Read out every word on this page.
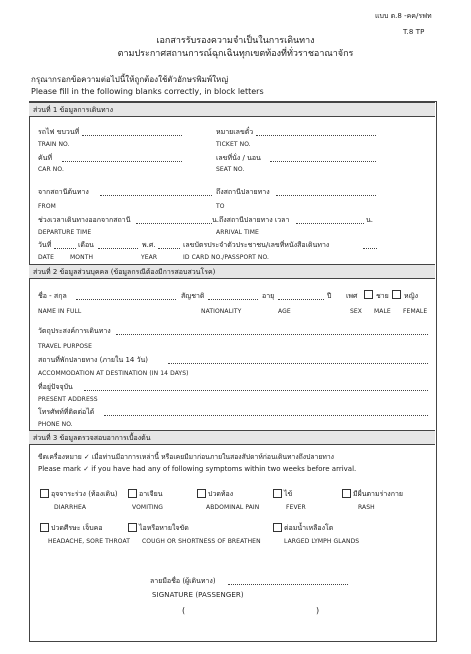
แบบ ต.8 -คค/รฟท
T.8 TP
เอกสารรับรองความจำเป็นในการเดินทาง
ตามประกาศสถานการณ์ฉุกเฉินทุกเขตท้องที่ทั่วราชอาณาจักร
กรุณากรอกข้อความต่อไปนี้ให้ถูกต้องใช้ตัวอักษรพิมพ์ใหญ่
Please fill in the following blanks correctly, in block letters
ส่วนที่ 1 ข้อมูลการเดินทาง
รถไฟ ขบวนที่	หมายเลขตั๋ว
TRAIN NO.	TICKET NO.
คันที่	เลขที่นั่ง / นอน
CAR NO.	SEAT NO.
จากสถานีต้นทาง	ถึงสถานีปลายทาง
FROM	TO
ช่วงเวลาเดินทางออกจากสถานี	น.ถึงสถานีปลายทาง เวลา	น.
DEPARTURE TIME	ARRIVAL TIME
วันที่	เดือน	พ.ศ.	เลขบัตรประจำตัวประชาชน/เลขที่หนังสือเดินทาง
DATE	MONTH	YEAR	ID CARD NO./PASSPORT NO.
ส่วนที่ 2 ข้อมูลส่วนบุคคล (ข้อมูลกรณีต้องมีการสอบสวนโรค)
ชื่อ - สกุล	สัญชาติ	อายุ	ปี เพศ	ชาย หญิง
NAME IN FULL	NATIONALITY	AGE	SEX MALE FEMALE
วัตถุประสงค์การเดินทาง
TRAVEL PURPOSE
สถานที่พักปลายทาง (ภายใน 14 วัน)
ACCOMMODATION AT DESTINATION (IN 14 DAYS)
ที่อยู่ปัจจุบัน
PRESENT ADDRESS
โทรศัพท์ที่ติดต่อได้
PHONE NO.
ส่วนที่ 3 ข้อมูลตรวจสอบอาการเบื้องต้น
ขีดเครื่องหมาย ✓ เมื่อท่านมีอาการเหล่านี้ หรือเคยมีมาก่อนภายในสองสัปดาห์ก่อนเดินทางถึงปลายทาง
Please mark ✓ if you have had any of following symptoms within two weeks before arrival.
อุจจาระร่วง (ท้องเดิน)
DIARRHEA
อาเจียน
VOMITING
ปวดท้อง
ABDOMINAL PAIN
ไข้
FEVER
มีผื่นตามร่างกาย
RASH
ปวดศีรษะ เจ็บคอ
HEADACHE, SORE THROAT
ไอหรือหายใจขัด
COUGH OR SHORTNESS OF BREATHEN
ต่อมน้ำเหลืองโต
LARGED LYMPH GLANDS
ลายมือชื่อ (ผู้เดินทาง)
SIGNATURE (PASSENGER)
(	)
